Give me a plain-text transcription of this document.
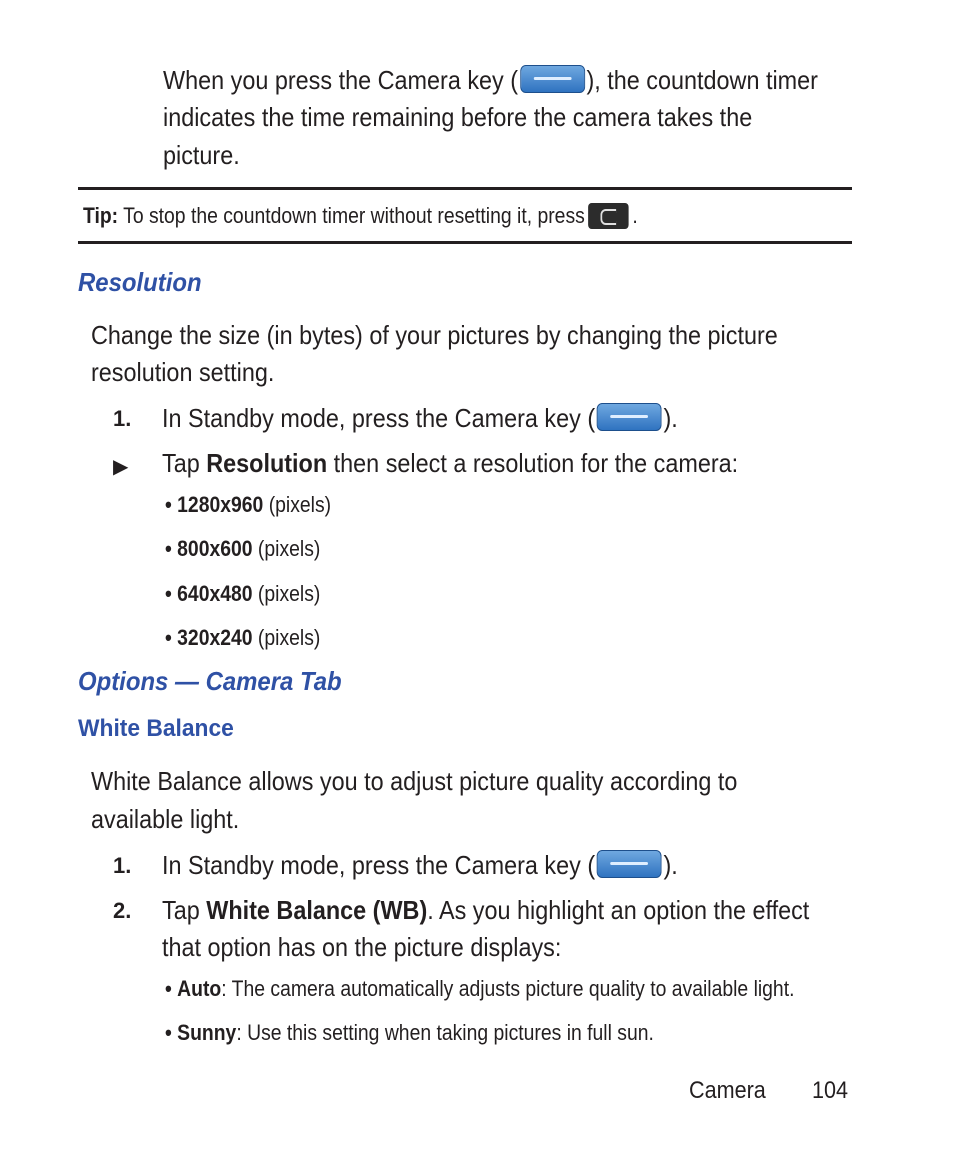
When you press the Camera key (	), the countdown timer
indicates the time remaining before the camera takes the
picture.
Tip: To stop the countdown timer without resetting it, press .
Resolution
Change the size (in bytes) of your pictures by changing the picture
resolution setting.
1. In Standby mode, press the Camera key (	).
▶ Tap Resolution then select a resolution for the camera:
• 1280x960 (pixels)
• 800x600 (pixels)
• 640x480 (pixels)
• 320x240 (pixels)
Options — Camera Tab
White Balance
White Balance allows you to adjust picture quality according to
available light.
1. In Standby mode, press the Camera key (	).
2. Tap White Balance (WB). As you highlight an option the effect
that option has on the picture displays:
• Auto: The camera automatically adjusts picture quality to available light.
• Sunny: Use this setting when taking pictures in full sun.
Camera 104
